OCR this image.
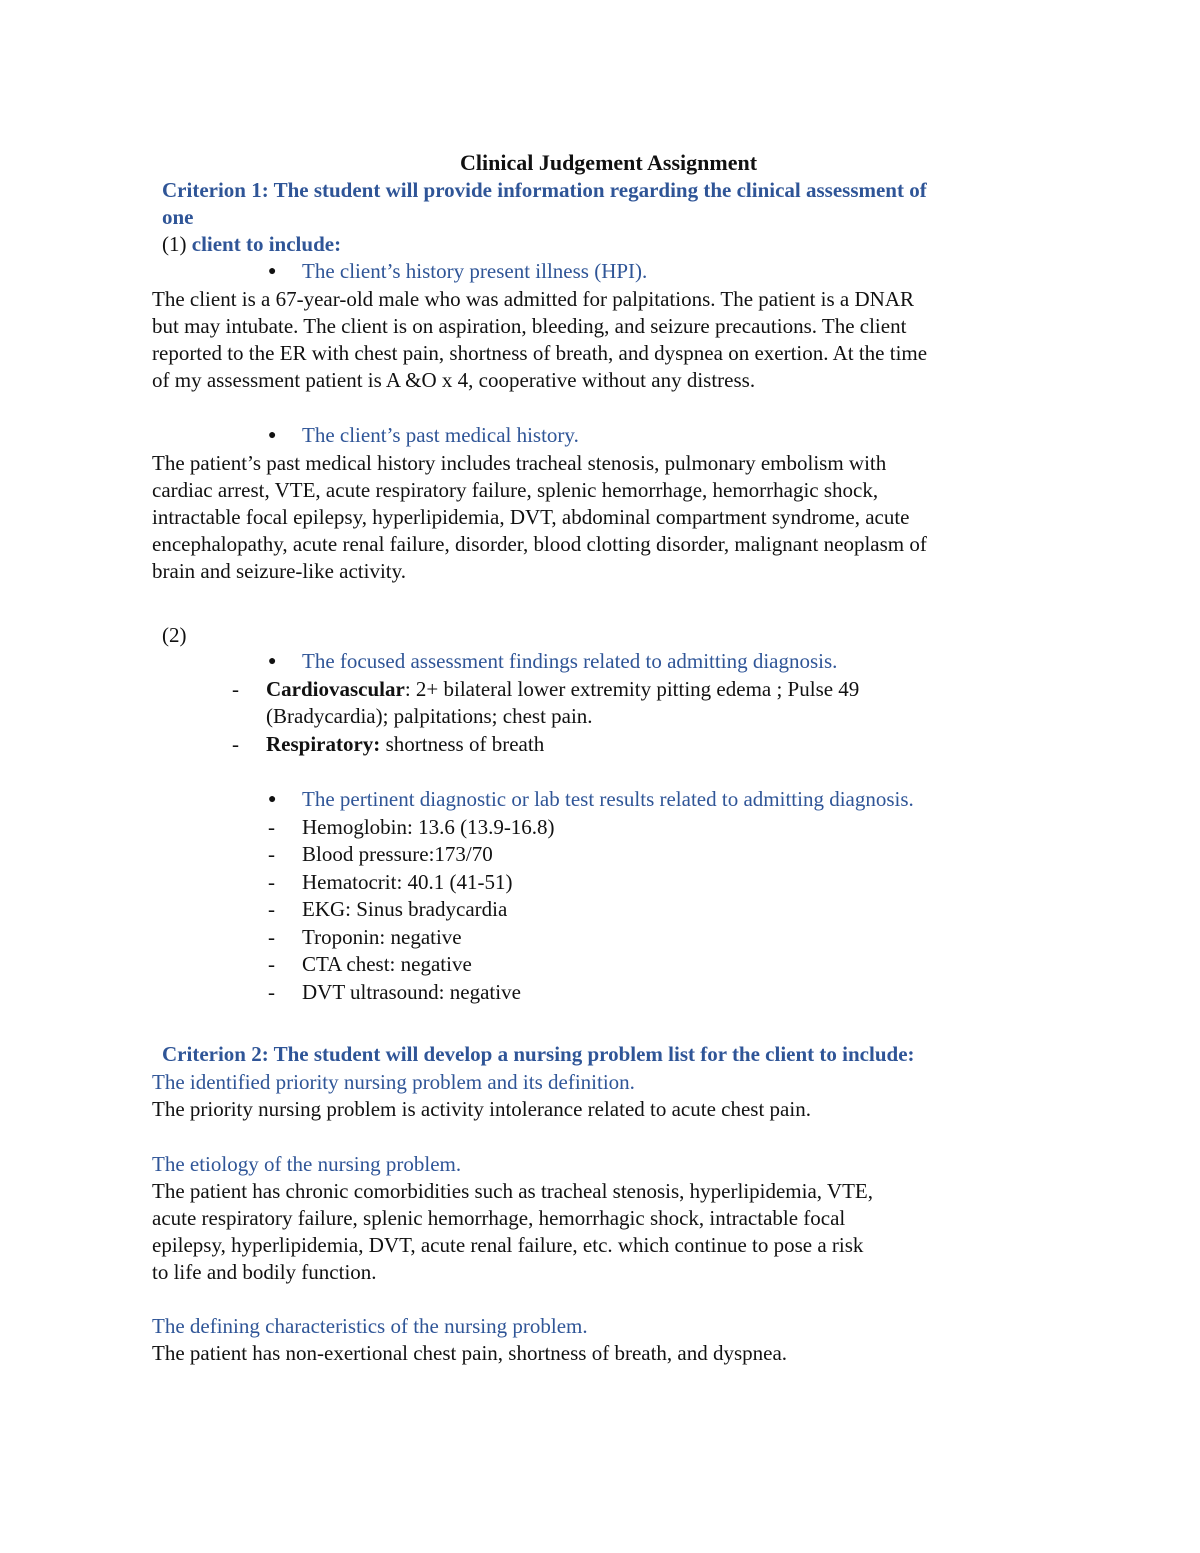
Clinical Judgement Assignment

Criterion 1: The student will provide information regarding the clinical assessment of

one

(1) client to include:

● The client’s history present illness (HPI).

The client is a 67-year-old male who was admitted for palpitations. The patient is a DNAR
but may intubate. The client is on aspiration, bleeding, and seizure precautions. The client
reported to the ER with chest pain, shortness of breath, and dyspnea on exertion. At the time
of my assessment patient is A &O x 4, cooperative without any distress.
● The client’s past medical history.

The patient’s past medical history includes tracheal stenosis, pulmonary embolism with
cardiac arrest, VTE, acute respiratory failure, splenic hemorrhage, hemorrhagic shock,
intractable focal epilepsy, hyperlipidemia, DVT, abdominal compartment syndrome, acute
encephalopathy, acute renal failure, disorder, blood clotting disorder, malignant neoplasm of
brain and seizure-like activity.

(2)

● The focused assessment findings related to admitting diagnosis.

- Cardiovascular: 2+ bilateral lower extremity pitting edema ; Pulse 49

(Bradycardia); palpitations; chest pain.

- Respiratory: shortness of breath

● The pertinent diagnostic or lab test results related to admitting diagnosis.

- Hemoglobin: 13.6 (13.9-16.8)

- Blood pressure:173/70

- Hematocrit: 40.1 (41-51)

- EKG: Sinus bradycardia

- Troponin: negative

- CTA chest: negative

- DVT ultrasound: negative

Criterion 2: The student will develop a nursing problem list for the client to include:

The identified priority nursing problem and its definition.

The priority nursing problem is activity intolerance related to acute chest pain.

The etiology of the nursing problem.

The patient has chronic comorbidities such as tracheal stenosis, hyperlipidemia, VTE,
acute respiratory failure, splenic hemorrhage, hemorrhagic shock, intractable focal
epilepsy, hyperlipidemia, DVT, acute renal failure, etc. which continue to pose a risk
to life and bodily function.

The defining characteristics of the nursing problem.

The patient has non-exertional chest pain, shortness of breath, and dyspnea.
